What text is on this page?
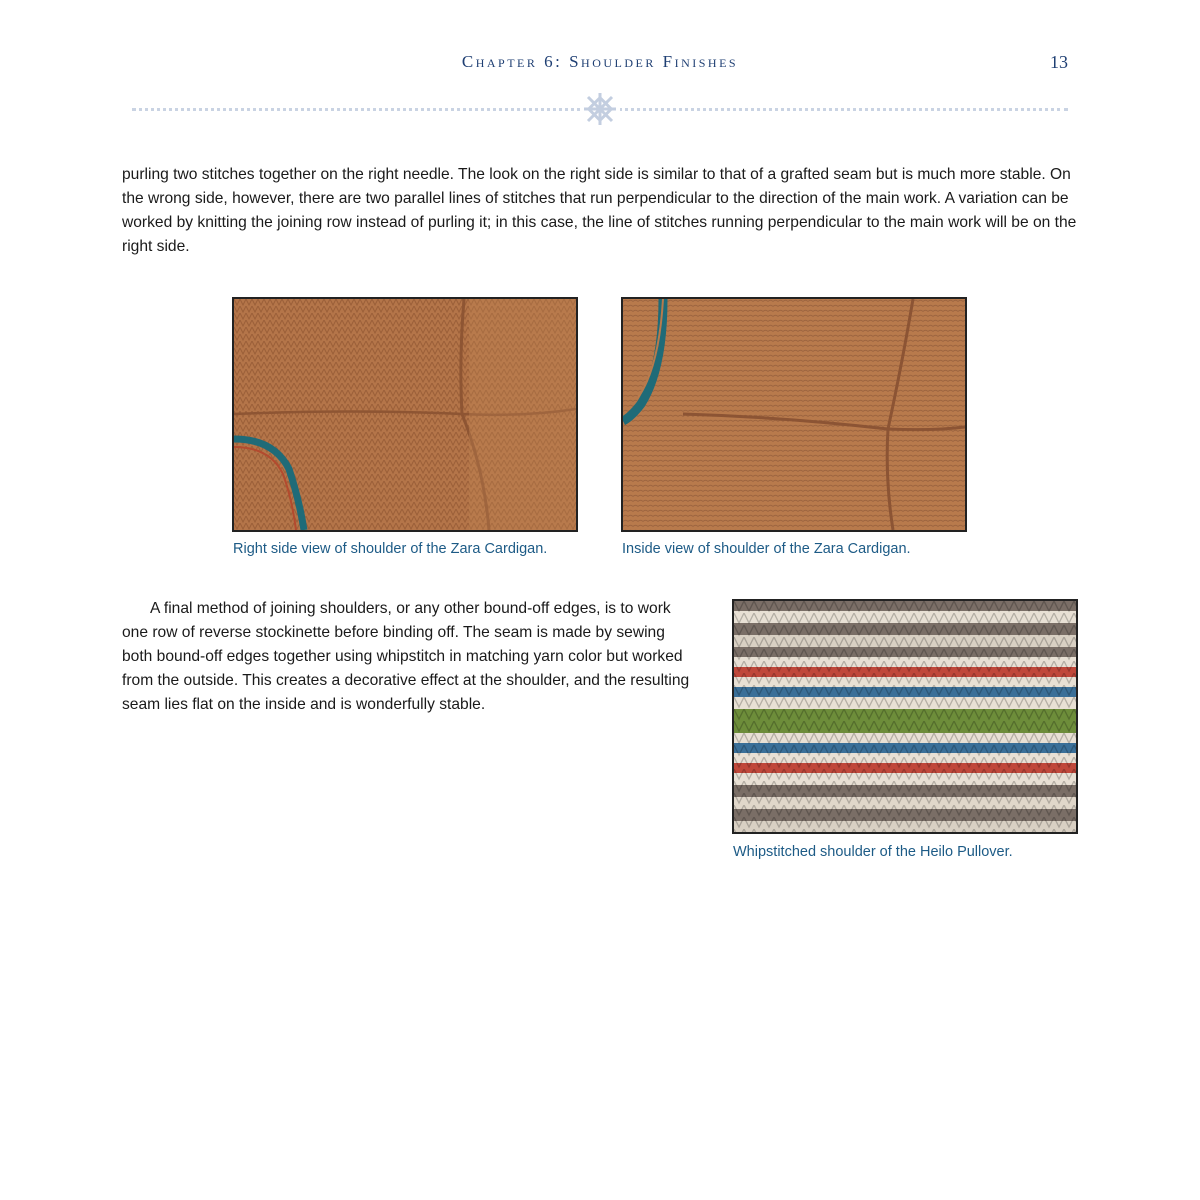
Chapter 6: Shoulder Finishes	13

purling two stitches together on the right needle. The look on the right side is similar to that of a grafted seam but is much more stable. On the wrong side, however, there are two parallel lines of stitches that run perpendicular to the direction of the main work. A variation can be worked by knitting the joining row instead of purling it; in this case, the line of stitches running perpendicular to the main work will be on the right side.

Right side view of shoulder of the Zara Cardigan.	Inside view of shoulder of the Zara Cardigan.

A final method of joining shoulders, or any other bound-off edges, is to work one row of reverse stockinette before binding off. The seam is made by sewing both bound-off edges together using whipstitch in matching yarn color but worked from the outside. This creates a decorative effect at the shoulder, and the resulting seam lies flat on the inside and is wonderfully stable.

Whipstitched shoulder of the Heilo Pullover.
